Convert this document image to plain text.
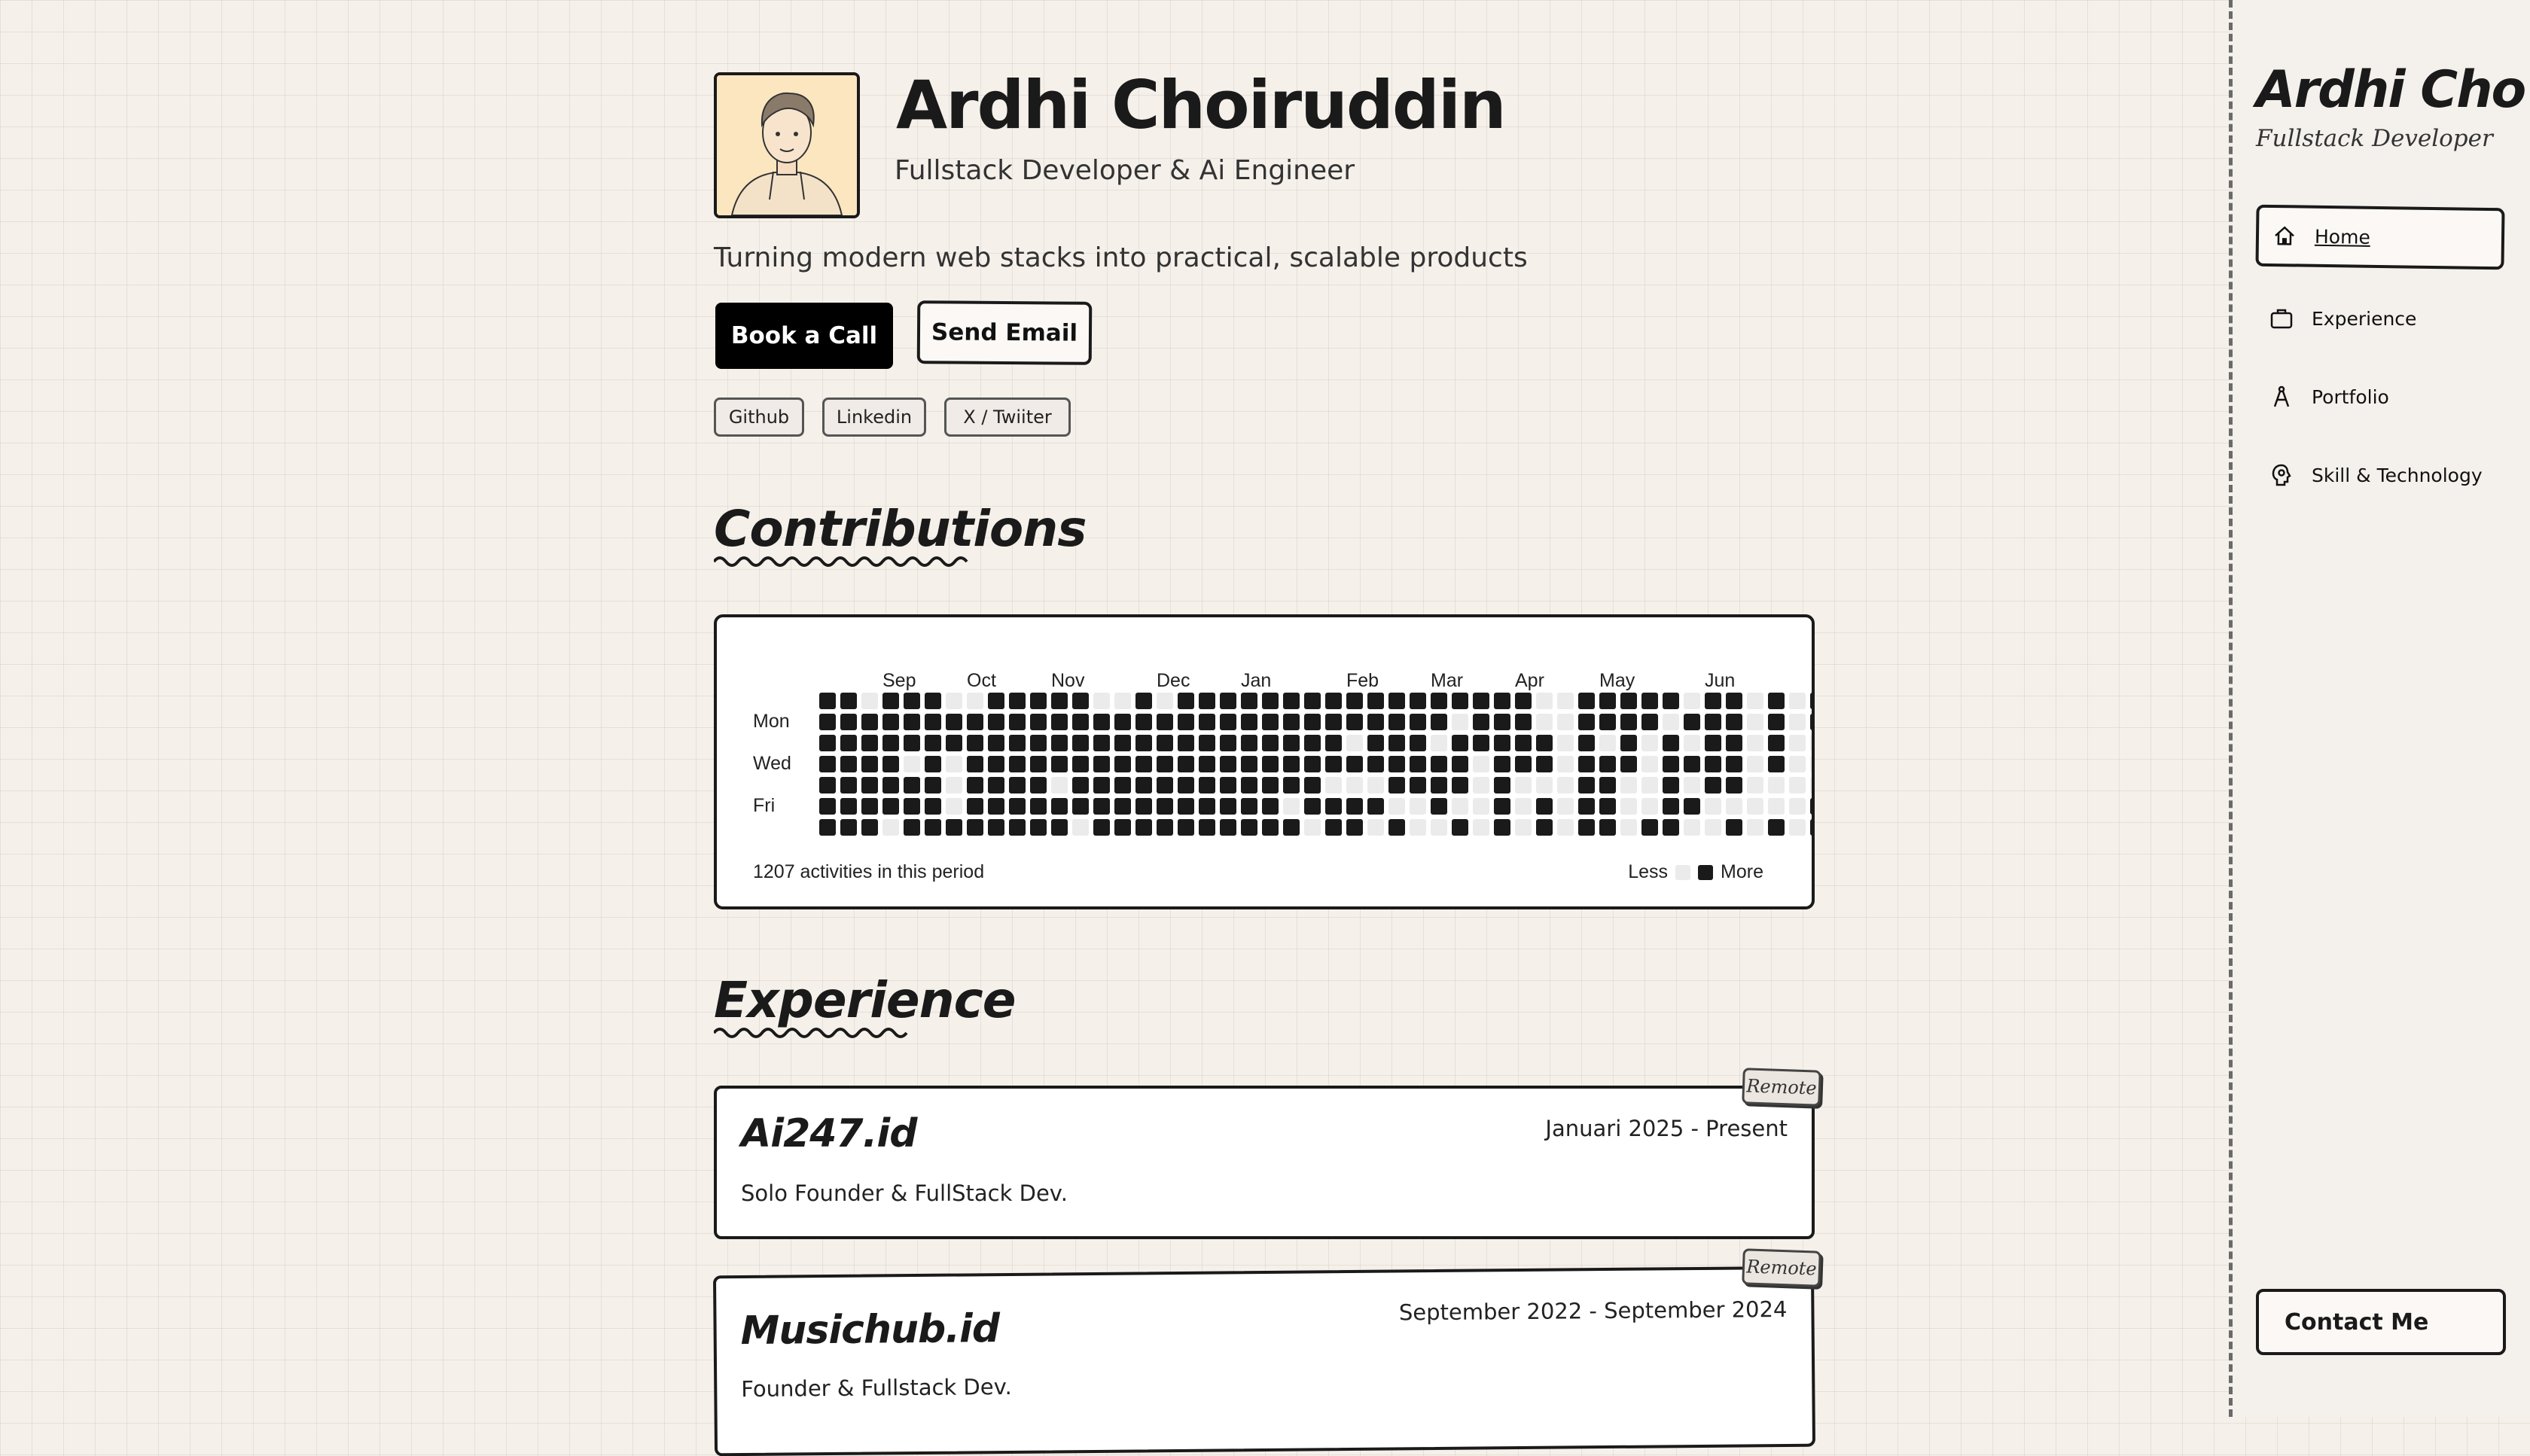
Ardhi Choiruddin
Fullstack Developer & Ai Engineer
Turning modern web stacks into practical, scalable products
Book a Call	Send Email
Github	Linkedin	X / Twiiter
Contributions
Sep	Oct	Nov	Dec	Jan	Feb	Mar	Apr	May	Jun
Mon
Wed
Fri
1207 activities in this period	Less	More
Experience
Ai247.id	Januari 2025 - Present
Solo Founder & FullStack Dev.
Remote
Musichub.id	September 2022 - September 2024
Founder & Fullstack Dev.
Remote
Ardhi Cho
Fullstack Developer
Home
Experience
Portfolio
Skill & Technology
Contact Me
